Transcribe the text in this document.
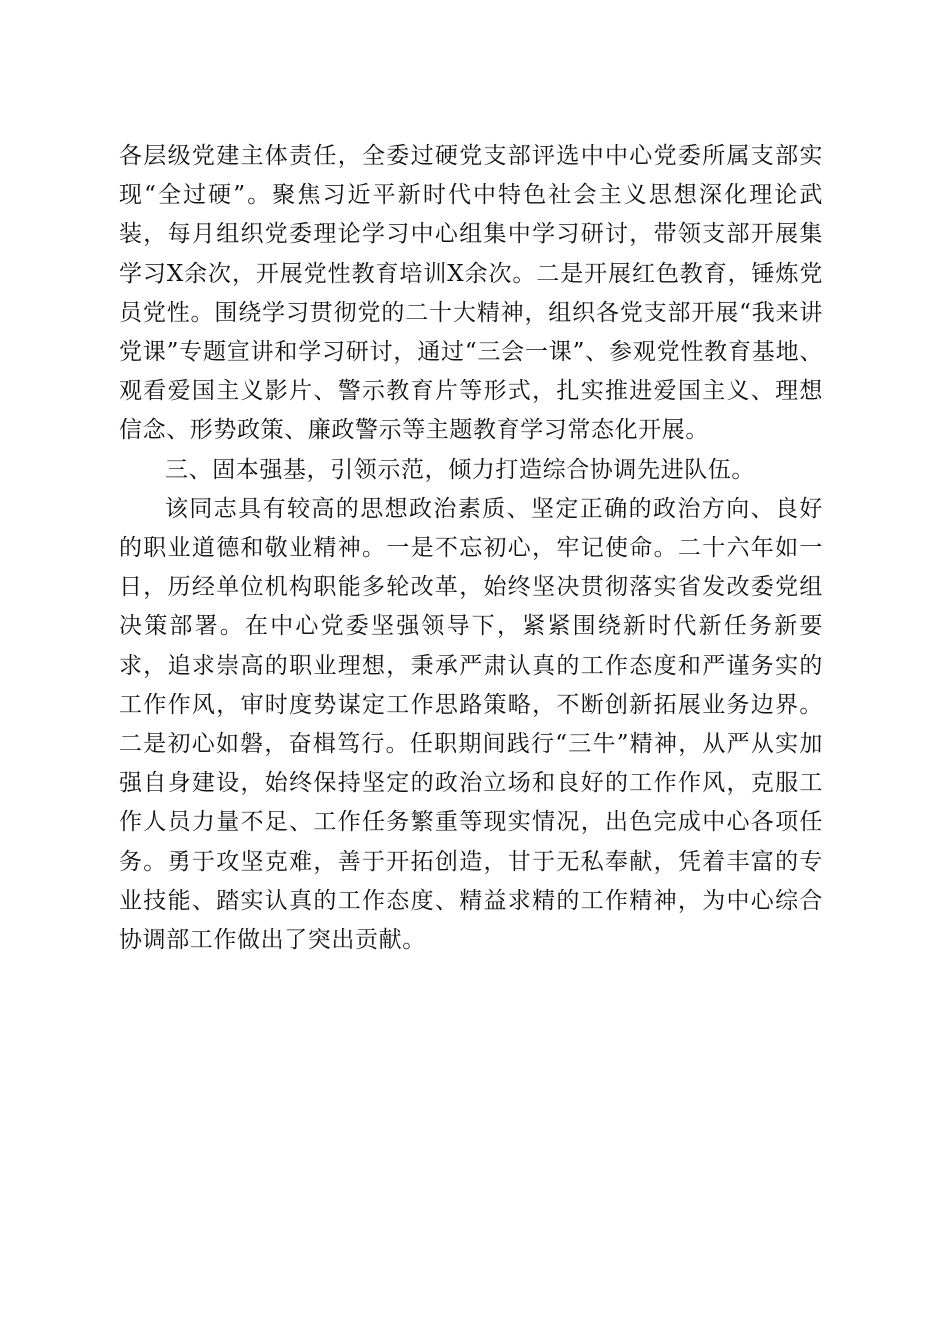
各层级党建主体责任，全委过硬党支部评选中中心党委所属支部实现“全过硬”。聚焦习近平新时代中特色社会主义思想深化理论武装，每月组织党委理论学习中心组集中学习研讨，带领支部开展集学习X余次，开展党性教育培训X余次。二是开展红色教育，锤炼党员党性。围绕学习贯彻党的二十大精神，组织各党支部开展“我来讲党课”专题宣讲和学习研讨，通过“三会一课”、参观党性教育基地、观看爱国主义影片、警示教育片等形式，扎实推进爱国主义、理想信念、形势政策、廉政警示等主题教育学习常态化开展。

三、固本强基，引领示范，倾力打造综合协调先进队伍。

该同志具有较高的思想政治素质、坚定正确的政治方向、良好的职业道德和敬业精神。一是不忘初心，牢记使命。二十六年如一日，历经单位机构职能多轮改革，始终坚决贯彻落实省发改委党组决策部署。在中心党委坚强领导下，紧紧围绕新时代新任务新要求，追求崇高的职业理想，秉承严肃认真的工作态度和严谨务实的工作作风，审时度势谋定工作思路策略，不断创新拓展业务边界。二是初心如磐，奋楫笃行。任职期间践行“三牛”精神，从严从实加强自身建设，始终保持坚定的政治立场和良好的工作作风，克服工作人员力量不足、工作任务繁重等现实情况，出色完成中心各项任务。勇于攻坚克难，善于开拓创造，甘于无私奉献，凭着丰富的专业技能、踏实认真的工作态度、精益求精的工作精神，为中心综合协调部工作做出了突出贡献。
